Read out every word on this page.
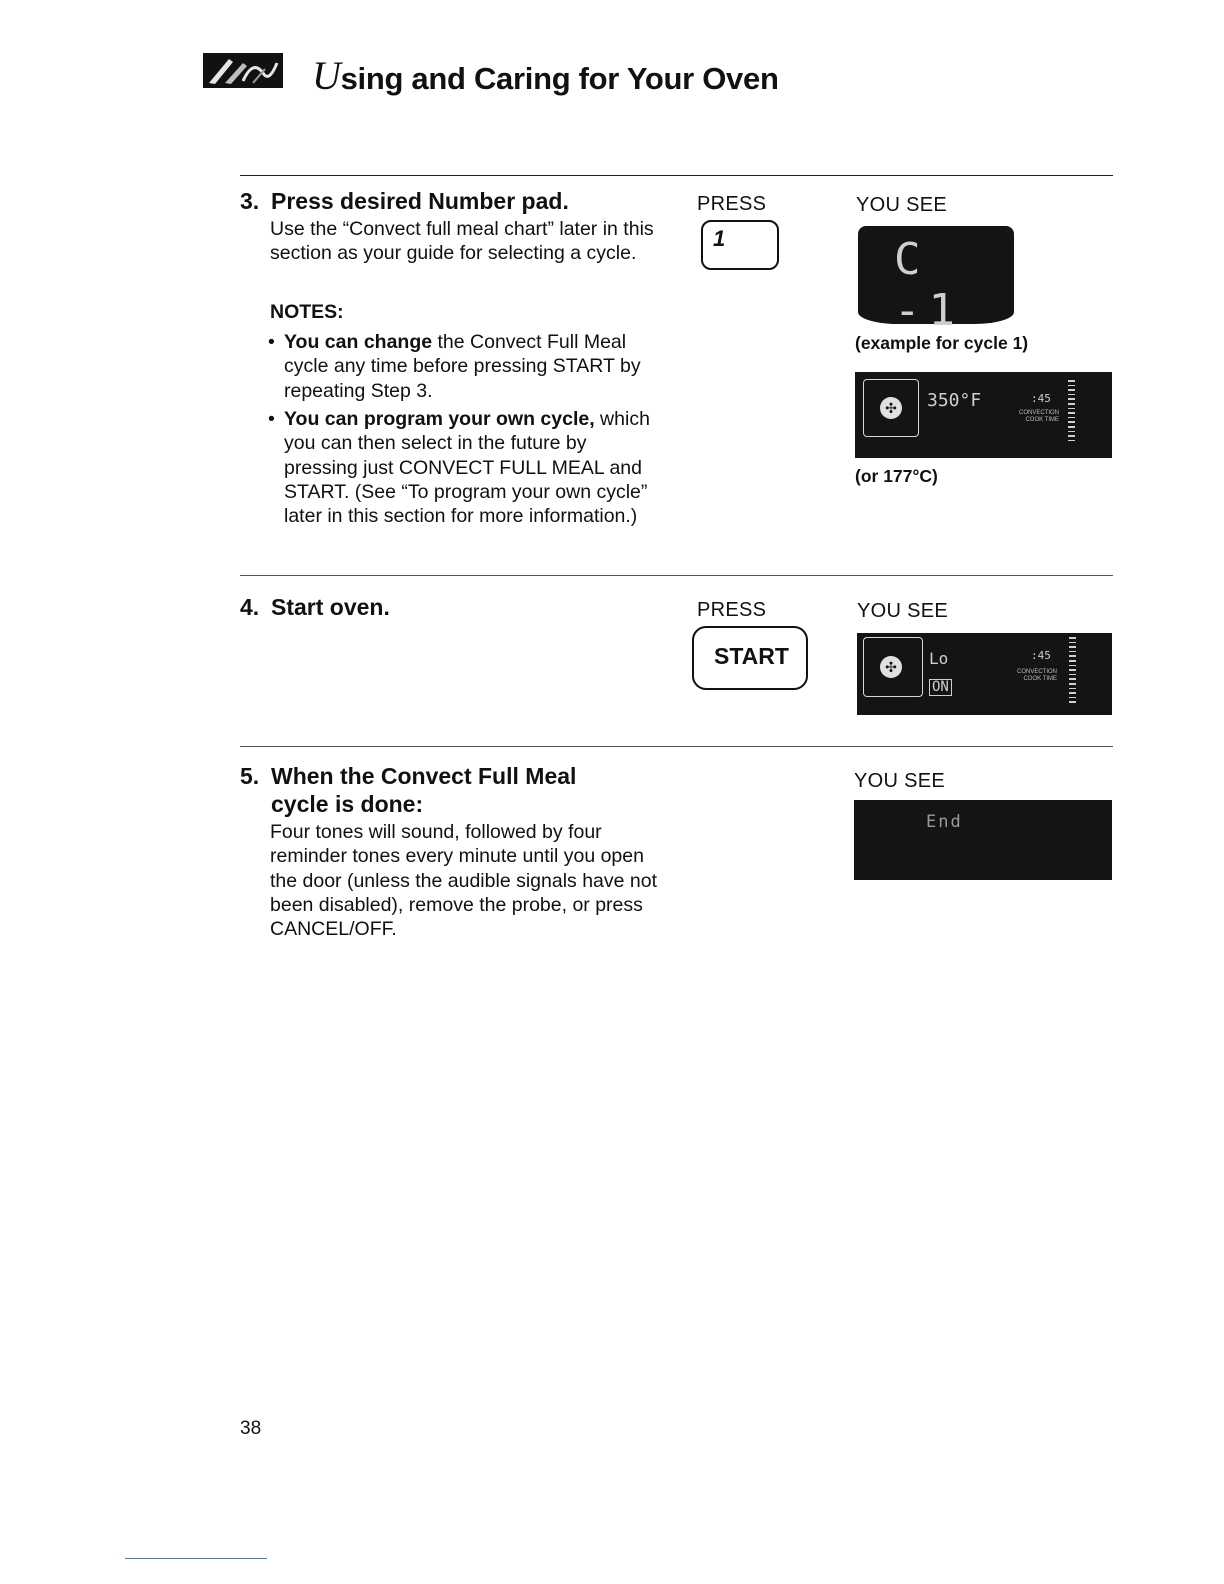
Using and Caring for Your Oven
3. Press desired Number pad.
Use the “Convect full meal chart” later in this section as your guide for selecting a cycle.
NOTES:
• You can change the Convect Full Meal cycle any time before pressing START by repeating Step 3.
• You can program your own cycle, which you can then select in the future by pressing just CONVECT FULL MEAL and START. (See “To program your own cycle” later in this section for more information.)
PRESS
1
YOU SEE
C -1
(example for cycle 1)
✣ 350°F	:45
CONVECTION COOK TIME
(or 177°C)
4. Start oven.	PRESS
START
YOU SEE
✣	Lo
ON
:45
CONVECTION COOK TIME
5. When the Convect Full Meal
cycle is done:
Four tones will sound, followed by four reminder tones every minute until you open the door (unless the audible signals have not been disabled), remove the probe, or press CANCEL/OFF.
YOU SEE
End
38
